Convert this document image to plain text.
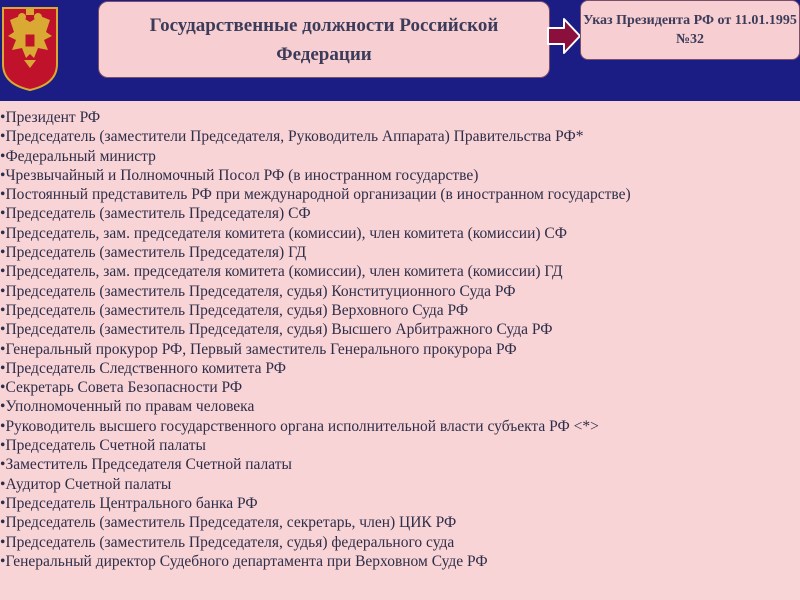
Государственные должности Российской Федерации
Указ Президента РФ от 11.01.1995 №32
• Президент РФ
• Председатель (заместители Председателя, Руководитель Аппарата) Правительства РФ*
• Федеральный министр
• Чрезвычайный и Полномочный Посол РФ (в иностранном государстве)
• Постоянный представитель РФ при международной организации (в иностранном государстве)
• Председатель (заместитель Председателя) СФ
• Председатель, зам. председателя комитета (комиссии), член комитета (комиссии) СФ
• Председатель (заместитель Председателя) ГД
• Председатель, зам. председателя комитета (комиссии), член комитета (комиссии) ГД
• Председатель (заместитель Председателя, судья) Конституционного Суда РФ
• Председатель (заместитель Председателя, судья) Верховного Суда РФ
• Председатель (заместитель Председателя, судья) Высшего Арбитражного Суда РФ
• Генеральный прокурор РФ, Первый заместитель Генерального прокурора РФ
• Председатель Следственного комитета РФ
• Секретарь Совета Безопасности РФ
• Уполномоченный по правам человека
• Руководитель высшего государственного органа исполнительной власти субъекта РФ <*>
• Председатель Счетной палаты
• Заместитель Председателя Счетной палаты
• Аудитор Счетной палаты
• Председатель Центрального банка РФ
• Председатель (заместитель Председателя, секретарь, член) ЦИК РФ
• Председатель (заместитель Председателя, судья) федерального суда
• Генеральный директор Судебного департамента при Верховном Суде РФ
